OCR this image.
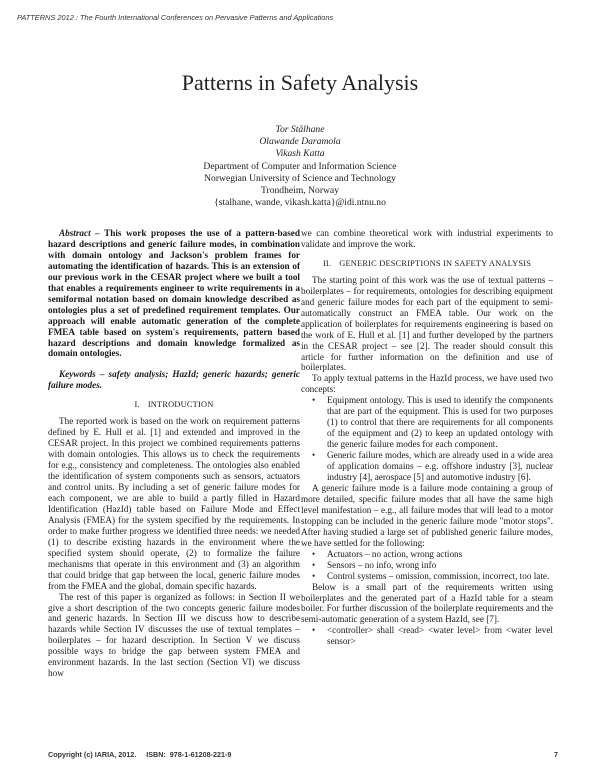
PATTERNS 2012 : The Fourth International Conferences on Pervasive Patterns and Applications
Patterns in Safety Analysis
Tor Stålhane
Olawande Daramola
Vikash Katta
Department of Computer and Information Science
Norwegian University of Science and Technology
Trondheim, Norway
{stalhane, wande, vikash.katta}@idi.ntnu.no

Abstract – This work proposes the use of a pattern-based hazard descriptions and generic failure modes, in combination with domain ontology and Jackson's problem frames for automating the identification of hazards. This is an extension of our previous work in the CESAR project where we built a tool that enables a requirements engineer to write requirements in a semiformal notation based on domain knowledge described as ontologies plus a set of predefined requirement templates. Our approach will enable automatic generation of the complete FMEA table based on system's requirements, pattern based hazard descriptions and domain knowledge formalized as domain ontologies.

Keywords – safety analysis; HazId; generic hazards; generic failure modes.

I. INTRODUCTION

The reported work is based on the work on requirement patterns defined by E. Hull et al. [1] and extended and improved in the CESAR project. In this project we combined requirements patterns with domain ontologies. This allows us to check the requirements for e.g., consistency and completeness. The ontologies also enabled the identification of system components such as sensors, actuators and control units. By including a set of generic failure modes for each component, we are able to build a partly filled in Hazard Identification (HazId) table based on Failure Mode and Effect Analysis (FMEA) for the system specified by the requirements. In order to make further progress we identified three needs: we needed (1) to describe existing hazards in the environment where the specified system should operate, (2) to formalize the failure mechanisms that operate in this environment and (3) an algorithm that could bridge that gap between the local, generic failure modes from the FMEA and the global, domain specific hazards.

The rest of this paper is organized as follows: in Section II we give a short description of the two concepts generic failure modes and generic hazards. In Section III we discuss how to describe hazards while Section IV discusses the use of textual templates – boilerplates – for hazard description. In Section V we discuss possible ways to bridge the gap between system FMEA and environment hazards. In the last section (Section VI) we discuss how

we can combine theoretical work with industrial experiments to validate and improve the work.

II. GENERIC DESCRIPTIONS IN SAFETY ANALYSIS

The starting point of this work was the use of textual patterns – boilerplates – for requirements, ontologies for describing equipment and generic failure modes for each part of the equipment to semi-automatically construct an FMEA table. Our work on the application of boilerplates for requirements engineering is based on the work of E. Hull et al. [1] and further developed by the partners in the CESAR project – see [2]. The reader should consult this article for further information on the definition and use of boilerplates.

To apply textual patterns in the HazId process, we have used two concepts:

• Equipment ontology. This is used to identify the components that are part of the equipment. This is used for two purposes (1) to control that there are requirements for all components of the equipment and (2) to keep an updated ontology with the generic failure modes for each component.
• Generic failure modes, which are already used in a wide area of application domains – e.g. offshore industry [3], nuclear industry [4], aerospace [5] and automotive industry [6].

A generic failure mode is a failure mode containing a group of more detailed, specific failure modes that all have the same high level manifestation – e.g., all failure modes that will lead to a motor stopping can be included in the generic failure mode "motor stops". After having studied a large set of published generic failure modes, we have settled for the following:

• Actuators – no action, wrong actions
• Sensors – no info, wrong info
• Control systems – omission, commission, incorrect, too late.

Below is a small part of the requirements written using boilerplates and the generated part of a HazId table for a steam boiler. For further discussion of the boilerplate requirements and the semi-automatic generation of a system HazId, see [7].

• <controller> shall <read> <water level> from <water level sensor>
Copyright (c) IARIA, 2012.     ISBN:  978-1-61208-221-9	7
